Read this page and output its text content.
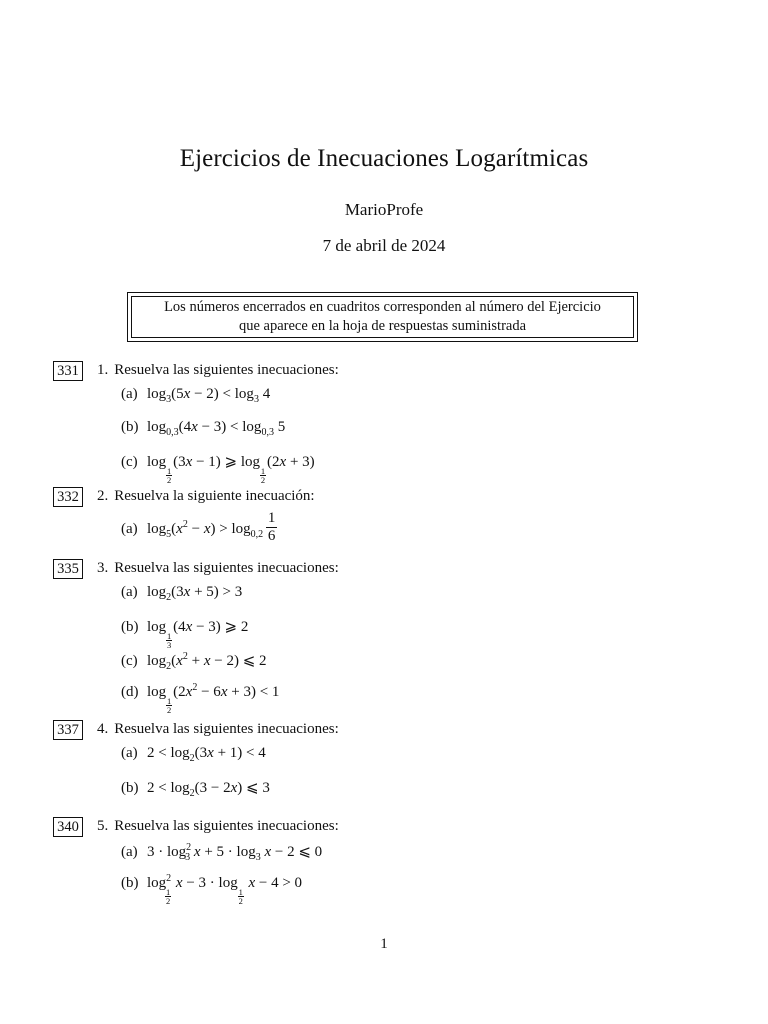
Ejercicios de Inecuaciones Logarítmicas
MarioProfe
7 de abril de 2024
Los números encerrados en cuadritos corresponden al número del Ejercicio
que aparece en la hoja de respuestas suministrada
331 1. Resuelva las siguientes inecuaciones:
(a) $\log_3(5x - 2) < \log_3 4$
(b) $\log_{0,3}(4x - 3) < \log_{0,3} 5$
(c) log
$\frac{1}{2}$
(3x − 1) ⩾ log
$\frac{1}{2}$
(2x + 3)
332 2. Resuelva la siguiente inecuación:
(a) $\log_5(x^2 - x) > \log_{0,2} \frac{1}{6}$
335 3. Resuelva las siguientes inecuaciones:
(a) $\log_2(3x + 5) > 3$
(b) log
$\frac{1}{3}$
(4x − 3) ⩾ 2
(c) $\log_2(x^2 + x - 2)$ ⩽ 2
(d) log
$\frac{1}{2}$
$(2x^2 - 6x + 3) < 1$
337 4. Resuelva las siguientes inecuaciones:
(a) $2 < \log_2(3x + 1) < 4$
(b) $2 < \log_2(3 - 2x)$ ⩽ 3
340 5. Resuelva las siguientes inecuaciones:
(a) $3 \cdot \log^2_3 x + 5 \cdot \log_3 x - 2$ ⩽ 0
(b) $\log^2$
$\frac{1}{2}$
x − 3 · log
$\frac{1}{2}$
x − 4 > 0
1
